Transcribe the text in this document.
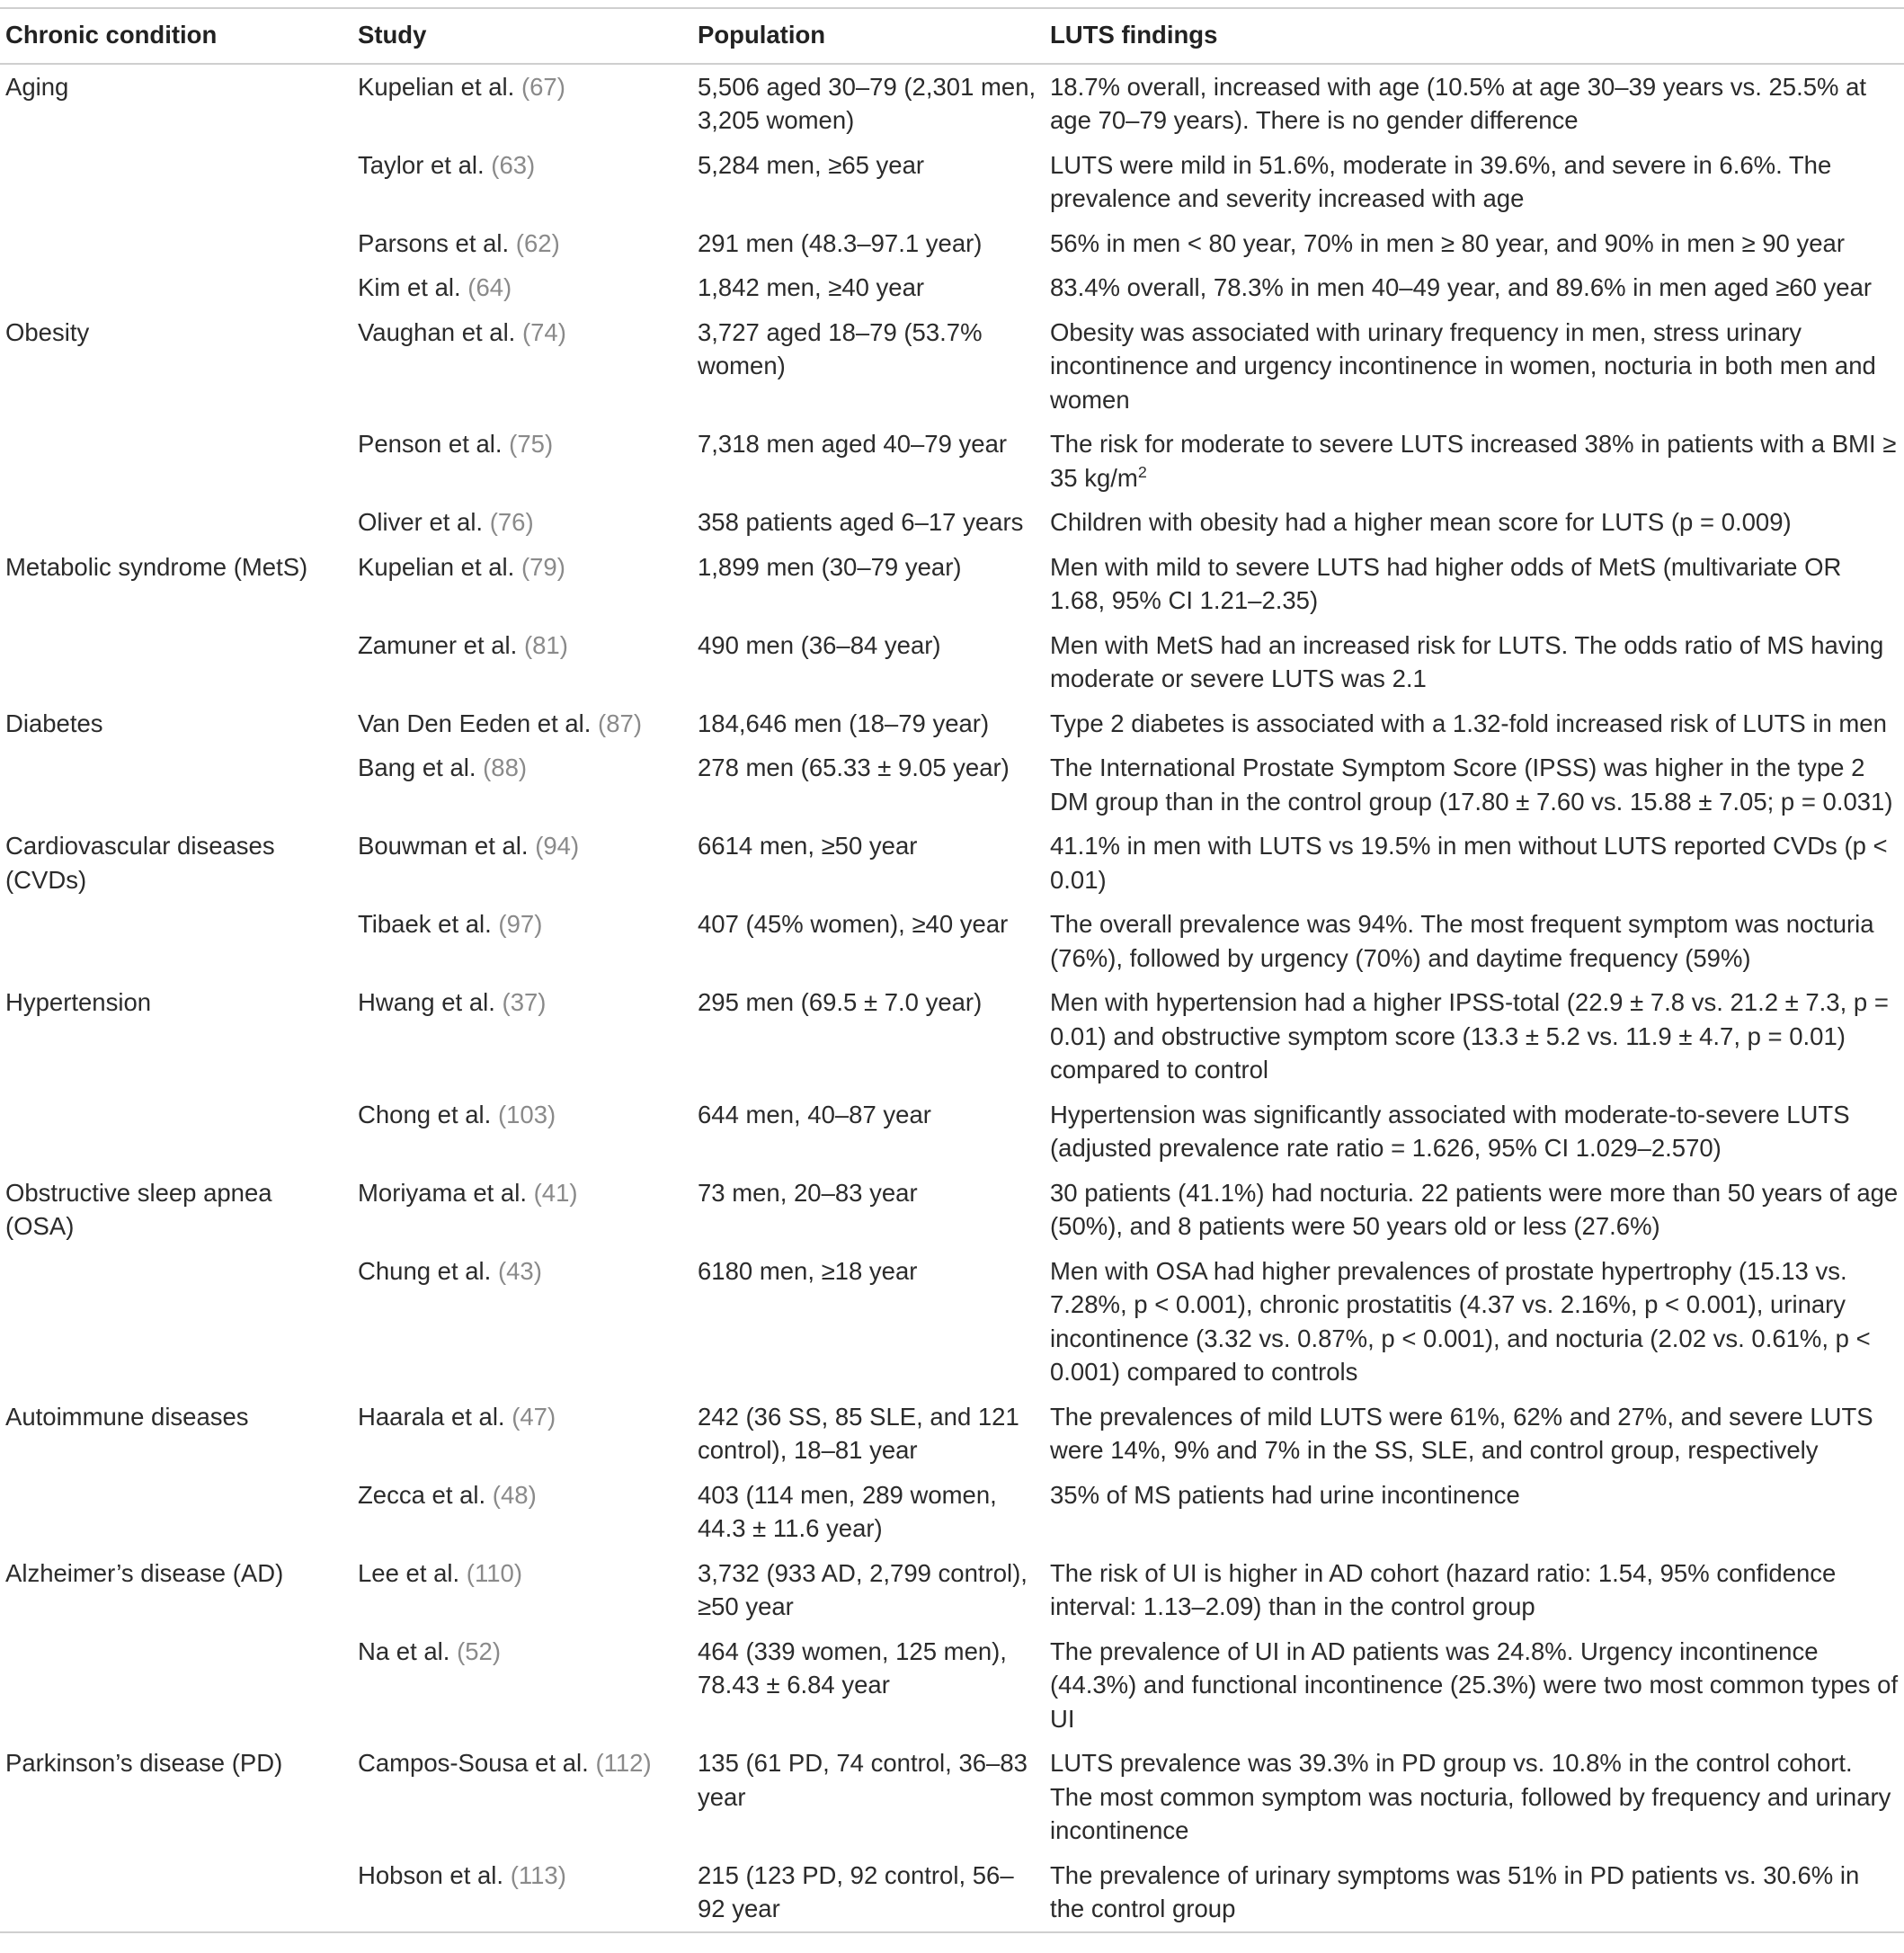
Chronic condition	Study	Population	LUTS findings
Aging	Kupelian et al. (67)	5,506 aged 30–79 (2,301 men, 3,205 women)	18.7% overall, increased with age (10.5% at age 30–39 years vs. 25.5% at age 70–79 years). There is no gender difference
	Taylor et al. (63)	5,284 men, ≥65 year	LUTS were mild in 51.6%, moderate in 39.6%, and severe in 6.6%. The prevalence and severity increased with age
	Parsons et al. (62)	291 men (48.3–97.1 year)	56% in men < 80 year, 70% in men ≥ 80 year, and 90% in men ≥ 90 year
	Kim et al. (64)	1,842 men, ≥40 year	83.4% overall, 78.3% in men 40–49 year, and 89.6% in men aged ≥60 year
Obesity	Vaughan et al. (74)	3,727 aged 18–79 (53.7% women)	Obesity was associated with urinary frequency in men, stress urinary incontinence and urgency incontinence in women, nocturia in both men and women
	Penson et al. (75)	7,318 men aged 40–79 year	The risk for moderate to severe LUTS increased 38% in patients with a BMI ≥ 35 $kg/m^2$
	Oliver et al. (76)	358 patients aged 6–17 years	Children with obesity had a higher mean score for LUTS (p = 0.009)
Metabolic syndrome (MetS)	Kupelian et al. (79)	1,899 men (30–79 year)	Men with mild to severe LUTS had higher odds of MetS (multivariate OR 1.68, 95% CI 1.21–2.35)
	Zamuner et al. (81)	490 men (36–84 year)	Men with MetS had an increased risk for LUTS. The odds ratio of MS having moderate or severe LUTS was 2.1
Diabetes	Van Den Eeden et al. (87)	184,646 men (18–79 year)	Type 2 diabetes is associated with a 1.32-fold increased risk of LUTS in men
	Bang et al. (88)	278 men (65.33 ± 9.05 year)	The International Prostate Symptom Score (IPSS) was higher in the type 2 DM group than in the control group (17.80 ± 7.60 vs. 15.88 ± 7.05; p = 0.031)
Cardiovascular diseases (CVDs)	Bouwman et al. (94)	6614 men, ≥50 year	41.1% in men with LUTS vs 19.5% in men without LUTS reported CVDs (p < 0.01)
	Tibaek et al. (97)	407 (45% women), ≥40 year	The overall prevalence was 94%. The most frequent symptom was nocturia (76%), followed by urgency (70%) and daytime frequency (59%)
Hypertension	Hwang et al. (37)	295 men (69.5 ± 7.0 year)	Men with hypertension had a higher IPSS-total (22.9 ± 7.8 vs. 21.2 ± 7.3, p = 0.01) and obstructive symptom score (13.3 ± 5.2 vs. 11.9 ± 4.7, p = 0.01) compared to control
	Chong et al. (103)	644 men, 40–87 year	Hypertension was significantly associated with moderate-to-severe LUTS (adjusted prevalence rate ratio = 1.626, 95% CI 1.029–2.570)
Obstructive sleep apnea (OSA)	Moriyama et al. (41)	73 men, 20–83 year	30 patients (41.1%) had nocturia. 22 patients were more than 50 years of age (50%), and 8 patients were 50 years old or less (27.6%)
	Chung et al. (43)	6180 men, ≥18 year	Men with OSA had higher prevalences of prostate hypertrophy (15.13 vs. 7.28%, p < 0.001), chronic prostatitis (4.37 vs. 2.16%, p < 0.001), urinary incontinence (3.32 vs. 0.87%, p < 0.001), and nocturia (2.02 vs. 0.61%, p < 0.001) compared to controls
Autoimmune diseases	Haarala et al. (47)	242 (36 SS, 85 SLE, and 121 control), 18–81 year	The prevalences of mild LUTS were 61%, 62% and 27%, and severe LUTS were 14%, 9% and 7% in the SS, SLE, and control group, respectively
	Zecca et al. (48)	403 (114 men, 289 women, 44.3 ± 11.6 year)	35% of MS patients had urine incontinence
Alzheimer’s disease (AD)	Lee et al. (110)	3,732 (933 AD, 2,799 control), ≥50 year	The risk of UI is higher in AD cohort (hazard ratio: 1.54, 95% confidence interval: 1.13–2.09) than in the control group
	Na et al. (52)	464 (339 women, 125 men), 78.43 ± 6.84 year	The prevalence of UI in AD patients was 24.8%. Urgency incontinence (44.3%) and functional incontinence (25.3%) were two most common types of UI
Parkinson’s disease (PD)	Campos-Sousa et al. (112)	135 (61 PD, 74 control, 36–83 year	LUTS prevalence was 39.3% in PD group vs. 10.8% in the control cohort. The most common symptom was nocturia, followed by frequency and urinary incontinence
	Hobson et al. (113)	215 (123 PD, 92 control, 56–92 year	The prevalence of urinary symptoms was 51% in PD patients vs. 30.6% in the control group
